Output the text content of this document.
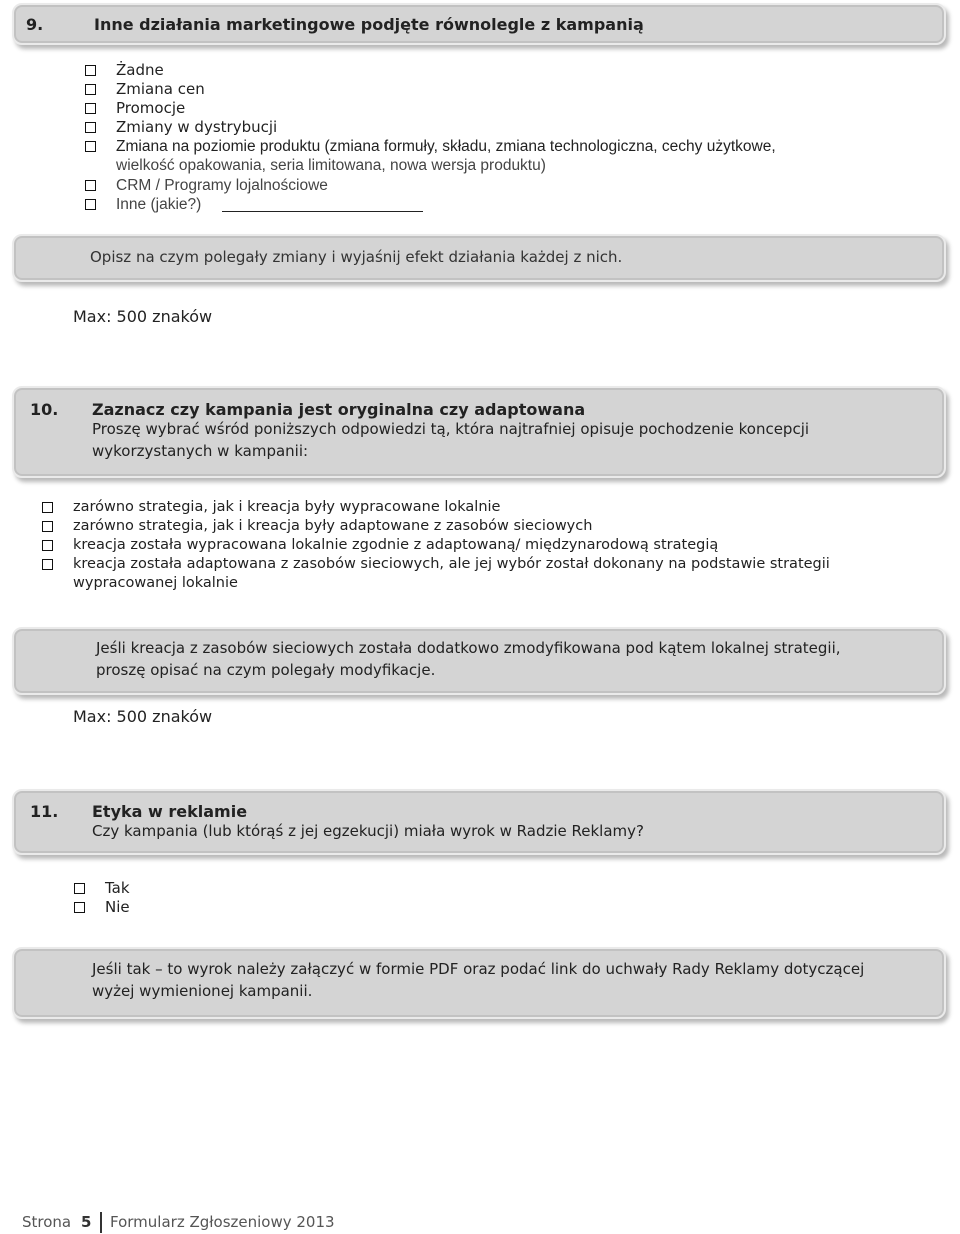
9.	Inne działania marketingowe podjęte równolegle z kampanią
Żadne
Zmiana cen
Promocje
Zmiany w dystrybucji
Zmiana na poziomie produktu (zmiana formuły, składu, zmiana technologiczna, cechy użytkowe,
wielkość opakowania, seria limitowana, nowa wersja produktu)
CRM / Programy lojalnościowe
Inne (jakie?)
Opisz na czym polegały zmiany i wyjaśnij efekt działania każdej z nich.
Max: 500 znaków
10. Zaznacz czy kampania jest oryginalna czy adaptowana
Proszę wybrać wśród poniższych odpowiedzi tą, która najtrafniej opisuje pochodzenie koncepcji
wykorzystanych w kampanii:
zarówno strategia, jak i kreacja były wypracowane lokalnie
zarówno strategia, jak i kreacja były adaptowane z zasobów sieciowych
kreacja została wypracowana lokalnie zgodnie z adaptowaną/ międzynarodową strategią
kreacja została adaptowana z zasobów sieciowych, ale jej wybór został dokonany na podstawie strategii
wypracowanej lokalnie
Jeśli kreacja z zasobów sieciowych została dodatkowo zmodyfikowana pod kątem lokalnej strategii,
proszę opisać na czym polegały modyfikacje.
Max: 500 znaków
11. Etyka w reklamie
Czy kampania (lub którąś z jej egzekucji) miała wyrok w Radzie Reklamy?
Tak
Nie
Jeśli tak – to wyrok należy załączyć w formie PDF oraz podać link do uchwały Rady Reklamy dotyczącej
wyżej wymienionej kampanii.
Strona 5 Formularz Zgłoszeniowy 2013
